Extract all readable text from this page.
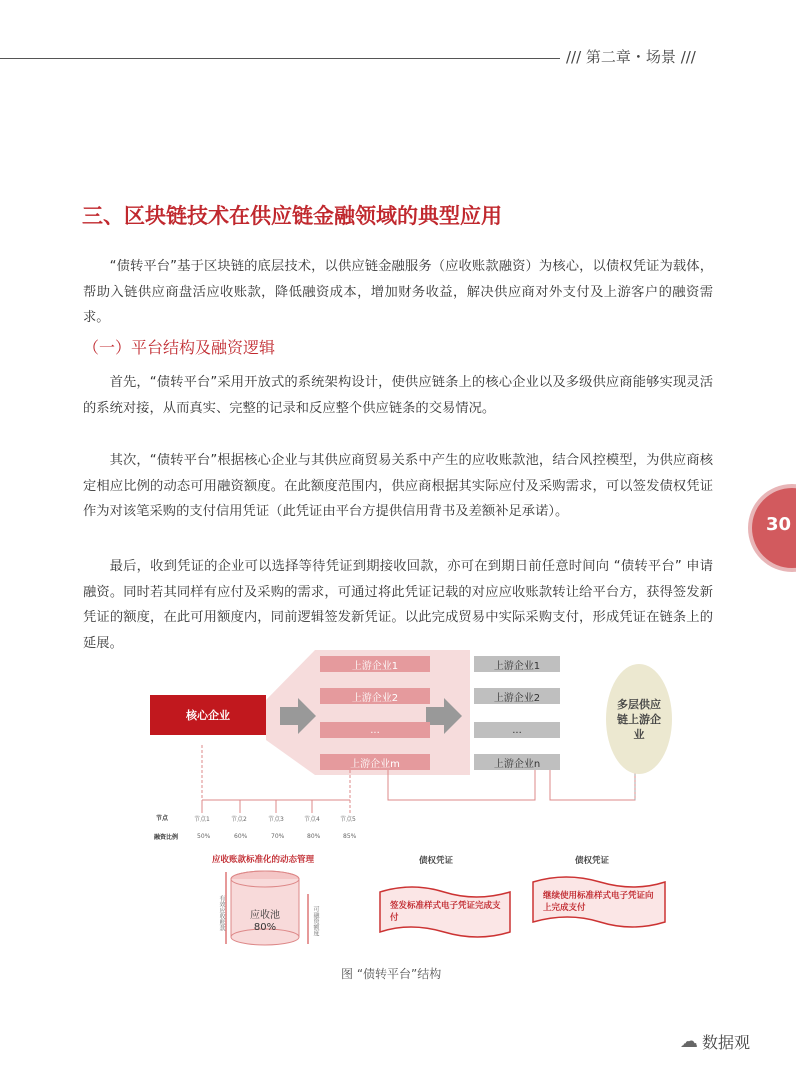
/// 第二章・场景 ///
30
三、区块链技术在供应链金融领域的典型应用

“债转平台”基于区块链的底层技术，以供应链金融服务（应收账款融资）为核心，以债权凭证为载体，帮助入链供应商盘活应收账款，降低融资成本，增加财务收益，解决供应商对外支付及上游客户的融资需求。

（一）平台结构及融资逻辑

首先，“债转平台”采用开放式的系统架构设计，使供应链条上的核心企业以及多级供应商能够实现灵活的系统对接，从而真实、完整的记录和反应整个供应链条的交易情况。

其次，“债转平台”根据核心企业与其供应商贸易关系中产生的应收账款池，结合风控模型，为供应商核定相应比例的动态可用融资额度。在此额度范围内，供应商根据其实际应付及采购需求，可以签发债权凭证作为对该笔采购的支付信用凭证（此凭证由平台方提供信用背书及差额补足承诺）。

最后，收到凭证的企业可以选择等待凭证到期接收回款，亦可在到期日前任意时间向 “债转平台” 申请融资。同时若其同样有应付及采购的需求，可通过将此凭证记载的对应应收账款转让给平台方，获得签发新凭证的额度，在此可用额度内，同前逻辑签发新凭证。以此完成贸易中实际采购支付，形成凭证在链条上的延展。

核心企业
上游企业1
上游企业2
...
上游企业m
上游企业1
上游企业2
...
上游企业n
多层供应链上游企业
节点
融资比例
节点1	节点2	节点3	节点4	节点5
50%	60%	70%	80%	85%
应收账款标准化的动态管理
有效应收账款	可融资额度
应收池
80%
债权凭证
签发标准样式电子凭证完成支付
债权凭证
继续使用标准样式电子凭证向上完成支付
图 “债转平台”结构
☁ 数据观
